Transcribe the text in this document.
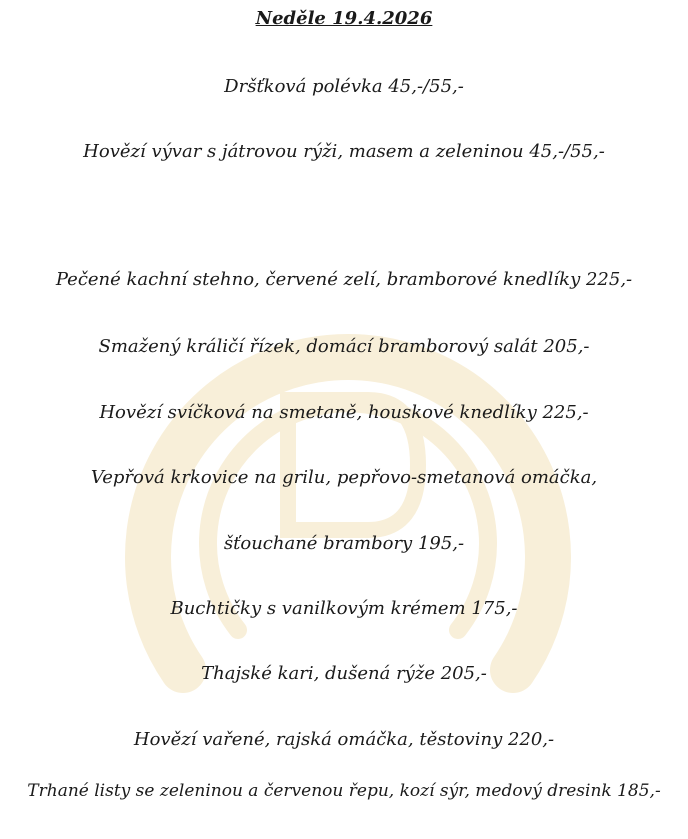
Neděle 19.4.2026
Dršťková polévka 45,-/55,-
Hovězí vývar s játrovou rýži, masem a zeleninou 45,-/55,-
Pečené kachní stehno, červené zelí, bramborové knedlíky 225,-
Smažený králičí řízek, domácí bramborový salát 205,-
Hovězí svíčková na smetaně, houskové knedlíky 225,-
Vepřová krkovice na grilu, pepřovo-smetanová omáčka,
šťouchané brambory 195,-
Buchtičky s vanilkovým krémem 175,-
Thajské kari, dušená rýže 205,-
Hovězí vařené, rajská omáčka, těstoviny 220,-
Trhané listy se zeleninou a červenou řepu, kozí sýr, medový dresink 185,-
